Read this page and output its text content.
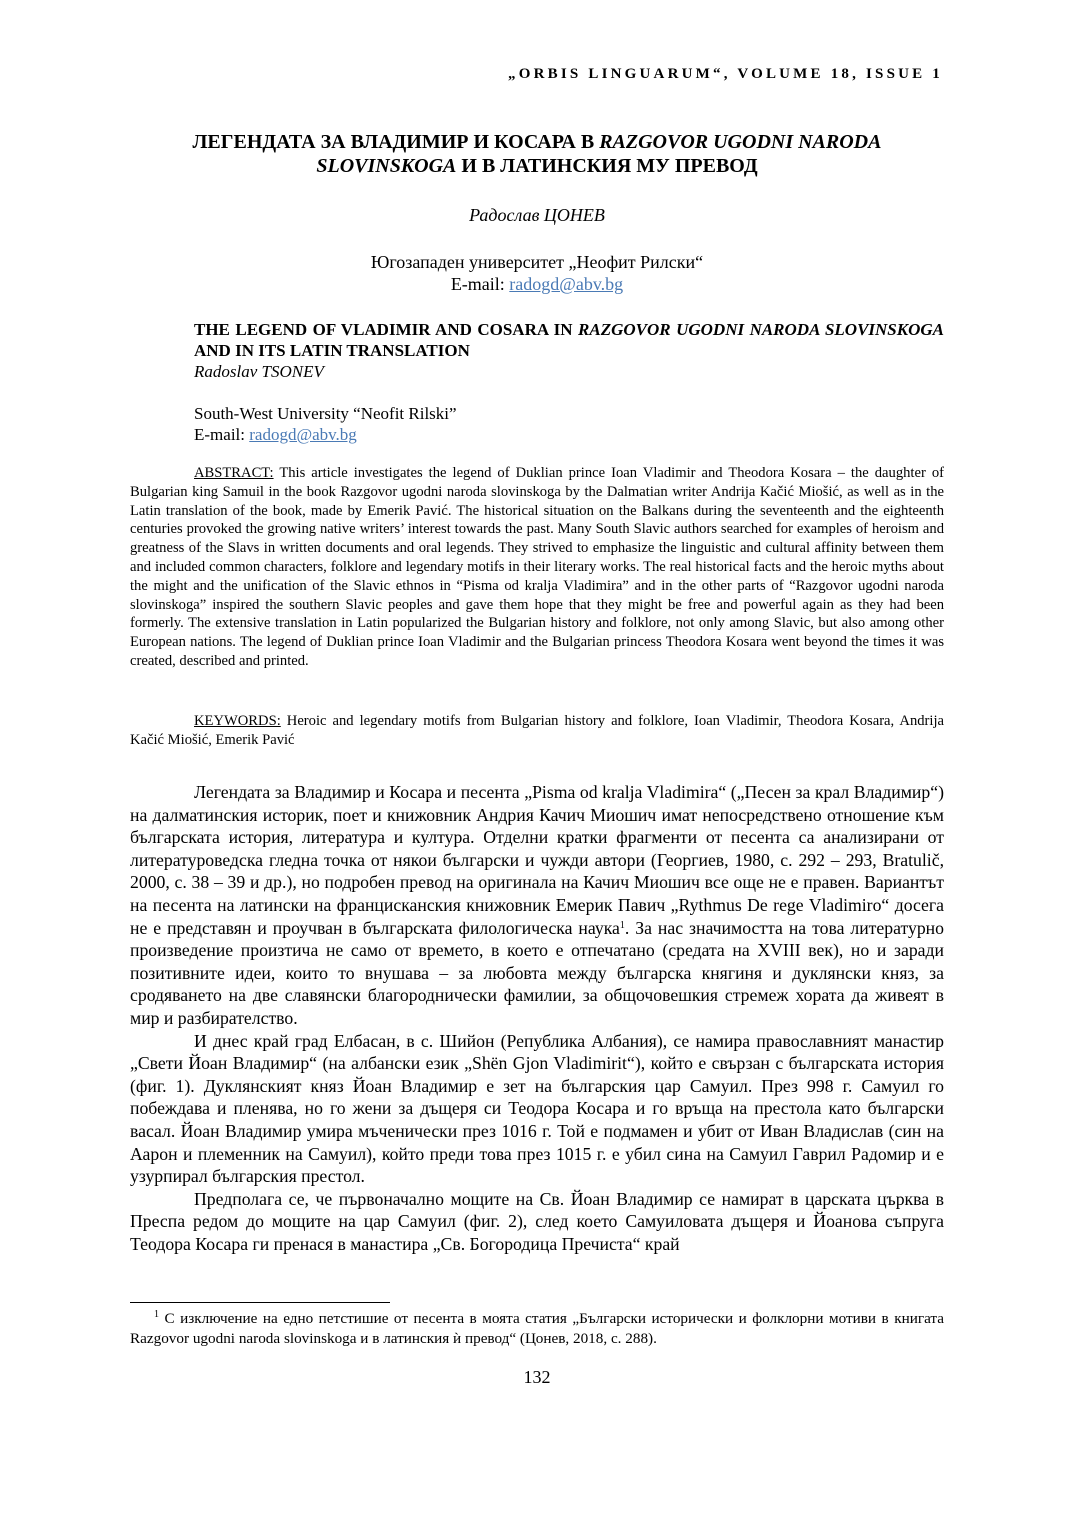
„ORBIS LINGUARUM“, VOLUME 18, ISSUE 1
ЛЕГЕНДАТА ЗА ВЛАДИМИР И КОСАРА В RAZGOVOR UGODNI NARODA SLOVINSKOGA И В ЛАТИНСКИЯ МУ ПРЕВОД
Радослав ЦОНЕВ
Югозападен университет „Неофит Рилски“
E-mail: radogd@abv.bg
THE LEGEND OF VLADIMIR AND COSARA IN RAZGOVOR UGODNI NARODA SLOVINSKOGA AND IN ITS LATIN TRANSLATION
Radoslav TSONEV
South-West University “Neofit Rilski”
E-mail: radogd@abv.bg
ABSTRACT: This article investigates the legend of Duklian prince Ioan Vladimir and Theodora Kosara – the daughter of Bulgarian king Samuil in the book Razgovor ugodni naroda slovinskoga by the Dalmatian writer Andrija Kačić Miošić, as well as in the Latin translation of the book, made by Emerik Pavić. The historical situation on the Balkans during the seventeenth and the eighteenth centuries provoked the growing native writers’ interest towards the past. Many South Slavic authors searched for examples of heroism and greatness of the Slavs in written documents and oral legends. They strived to emphasize the linguistic and cultural affinity between them and included common characters, folklore and legendary motifs in their literary works. The real historical facts and the heroic myths about the might and the unification of the Slavic ethnos in “Pisma od kralja Vladimira” and in the other parts of “Razgovor ugodni naroda slovinskoga” inspired the southern Slavic peoples and gave them hope that they might be free and powerful again as they had been formerly. The extensive translation in Latin popularized the Bulgarian history and folklore, not only among Slavic, but also among other European nations. The legend of Duklian prince Ioan Vladimir and the Bulgarian princess Theodora Kosara went beyond the times it was created, described and printed.
KEYWORDS: Heroic and legendary motifs from Bulgarian history and folklore, Ioan Vladimir, Theodora Kosara, Andrija Kačić Miošić, Emerik Pavić

Легендата за Владимир и Косара и песента „Pisma od kralja Vladimira“ („Песен за крал Владимир“) на далматинския историк, поет и книжовник Андрия Качич Миошич имат непосредствено отношение към българската история, литература и култура. Отделни кратки фрагменти от песента са анализирани от литературоведска гледна точка от някои български и чужди автори (Георгиев, 1980, с. 292 – 293, Bratulič, 2000, с. 38 – 39 и др.), но подробен превод на оригинала на Качич Миошич все още не е правен. Вариантът на песента на латински на францисканския книжовник Емерик Павич „Rythmus De rege Vladimiro“ досега не е представян и проучван в българската филологическа наука$^1$. За нас значимостта на това литературно произведение произтича не само от времето, в което е отпечатано (средата на XVIII век), но и заради позитивните идеи, които то внушава – за любовта между българска княгиня и дуклянски княз, за сродяването на две славянски благороднически фамилии, за общочовешкия стремеж хората да живеят в мир и разбирателство.

И днес край град Елбасан, в с. Шийон (Република Албания), се намира православният манастир „Свети Йоан Владимир“ (на албански език „Shën Gjon Vladimirit“), който е свързан с българската история (фиг. 1). Дуклянският княз Йоан Владимир е зет на българския цар Самуил. През 998 г. Самуил го побеждава и пленява, но го жени за дъщеря си Теодора Косара и го връща на престола като български васал. Йоан Владимир умира мъченически през 1016 г. Той е подмамен и убит от Иван Владислав (син на Аарон и племенник на Самуил), който преди това през 1015 г. е убил сина на Самуил Гаврил Радомир и е узурпирал българския престол.

Предполага се, че първоначално мощите на Св. Йоан Владимир се намират в царската църква в Преспа редом до мощите на цар Самуил (фиг. 2), след което Самуиловата дъщеря и Йоанова съпруга Теодора Косара ги пренася в манастира „Св. Богородица Пречиста“ край

$^1$ С изключение на едно петстишие от песента в моята статия „Български исторически и фолклорни мотиви в книгата Razgovor ugodni naroda slovinskoga и в латинския ѝ превод“ (Цонев, 2018, с. 288).
132
